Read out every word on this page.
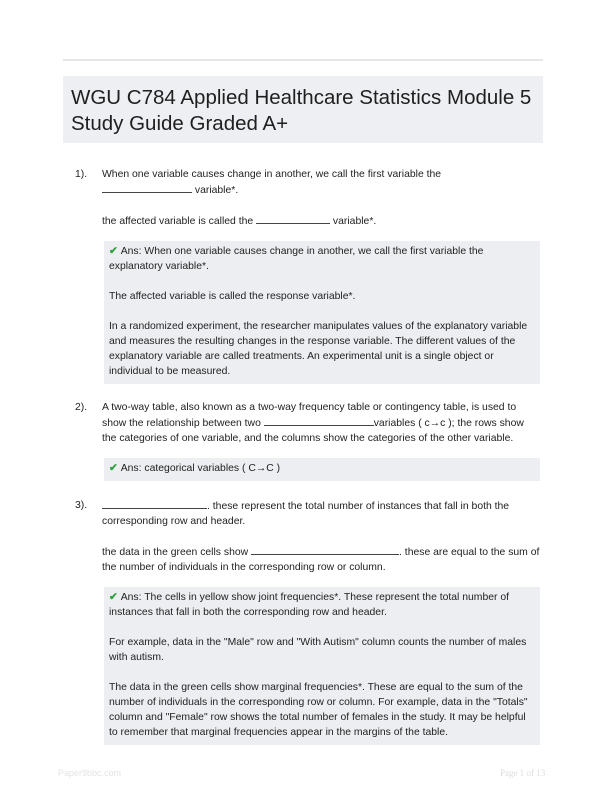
WGU C784 Applied Healthcare Statistics Module 5 Study Guide Graded A+
1). When one variable causes change in another, we call the first variable the
variable*.

the affected variable is called the	variable*.

✔ Ans: When one variable causes change in another, we call the first variable the explanatory variable*.

The affected variable is called the response variable*.

In a randomized experiment, the researcher manipulates values of the explanatory variable and measures the resulting changes in the response variable. The different values of the explanatory variable are called treatments. An experimental unit is a single object or individual to be measured.

2). A two-way table, also known as a two-way frequency table or contingency table, is used to show the relationship between two	variables ( c→c ); the rows show the categories of one variable, and the columns show the categories of the other variable.

✔ Ans: categorical variables ( C→C )

3).	. these represent the total number of instances that fall in both the corresponding row and header.

the data in the green cells show	. these are equal to the sum of the number of individuals in the corresponding row or column.

✔ Ans: The cells in yellow show joint frequencies*. These represent the total number of instances that fall in both the corresponding row and header.

For example, data in the "Male" row and "With Autism" column counts the number of males with autism.

The data in the green cells show marginal frequencies*. These are equal to the sum of the number of individuals in the corresponding row or column. For example, data in the "Totals" column and "Female" row shows the total number of females in the study. It may be helpful to remember that marginal frequencies appear in the margins of the table.

Paper9bbc.com	Page 1 of 13
